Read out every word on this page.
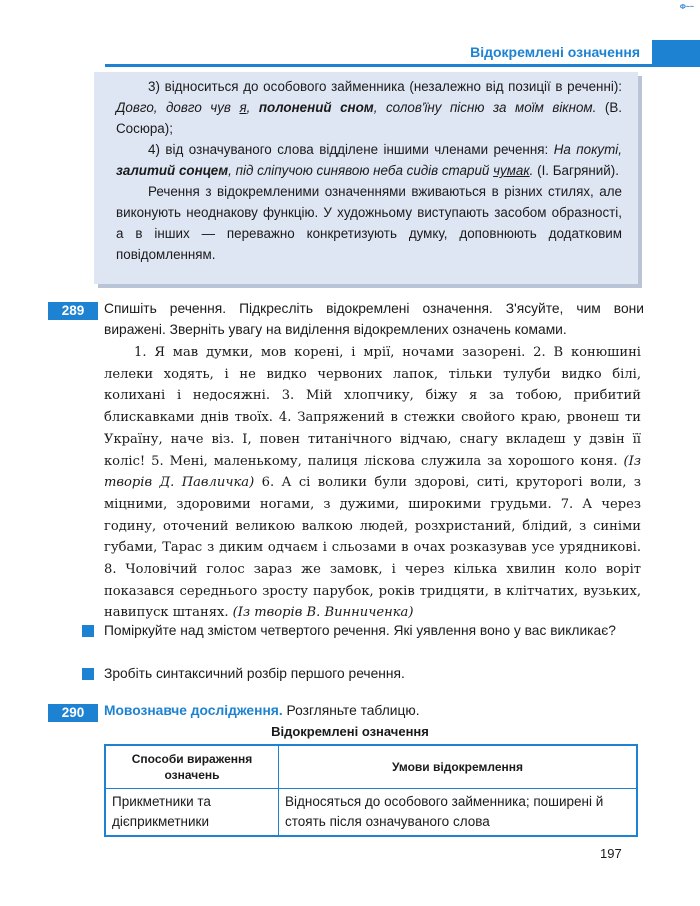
Ф~~
Відокремлені означення

3) відноситься до особового займенника (незалежно від позиції в реченні): Довго, довго чув я, полонений сном, солов'їну пісню за моїм вікном. (В. Сосюра);

4) від означуваного слова відділене іншими членами речення: На покуті, залитий сонцем, під сліпучою синявою неба сидів старий чумак. (І. Багряний).

Речення з відокремленими означеннями вживаються в різних стилях, але виконують неоднакову функцію. У художньому виступають засобом образності, а в інших — переважно конкретизують думку, доповнюють додатковим повідомленням.

289	Спишіть речення. Підкресліть відокремлені означення. З'ясуйте, чим вони виражені. Зверніть увагу на виділення відокремлених означень комами.
1. Я мав думки, мов корені, і мрії, ночами зазорені. 2. В конюшині лелеки ходять, і не видко червоних лапок, тільки тулуби видко білі, колихані і недосяжні. 3. Мій хлопчику, біжу я за тобою, прибитий блискавками днів твоїх. 4. Запряжений в стежки свойого краю, рвонеш ти Україну, наче віз. І, повен титанічного відчаю, снагу вкладеш у дзвін її коліс! 5. Мені, маленькому, палиця ліскова служила за хорошого коня. (Із творів Д. Павличка) 6. А сі волики були здорові, ситі, круторогі воли, з міцними, здоровими ногами, з дужими, широкими грудьми. 7. А через годину, оточений великою валкою людей, розхристаний, блідий, з синіми губами, Тарас з диким одчаєм і сльозами в очах розказував усе урядникові. 8. Чоловічий голос зараз же замовк, і через кілька хвилин коло воріт показався середнього зросту парубок, років тридцяти, в клітчатих, вузьких, навипуск штанях. (Із творів В. Винниченка)
Поміркуйте над змістом четвертого речення. Які уявлення воно у вас викликає?
Зробіть синтаксичний розбір першого речення.
290	Мовознавче дослідження. Розгляньте таблицю.
Відокремлені означення
Способи вираження означень	Умови відокремлення
Прикметники та дієприкметники	Відносяться до особового займенника; поширені й стоять після означуваного слова
197
